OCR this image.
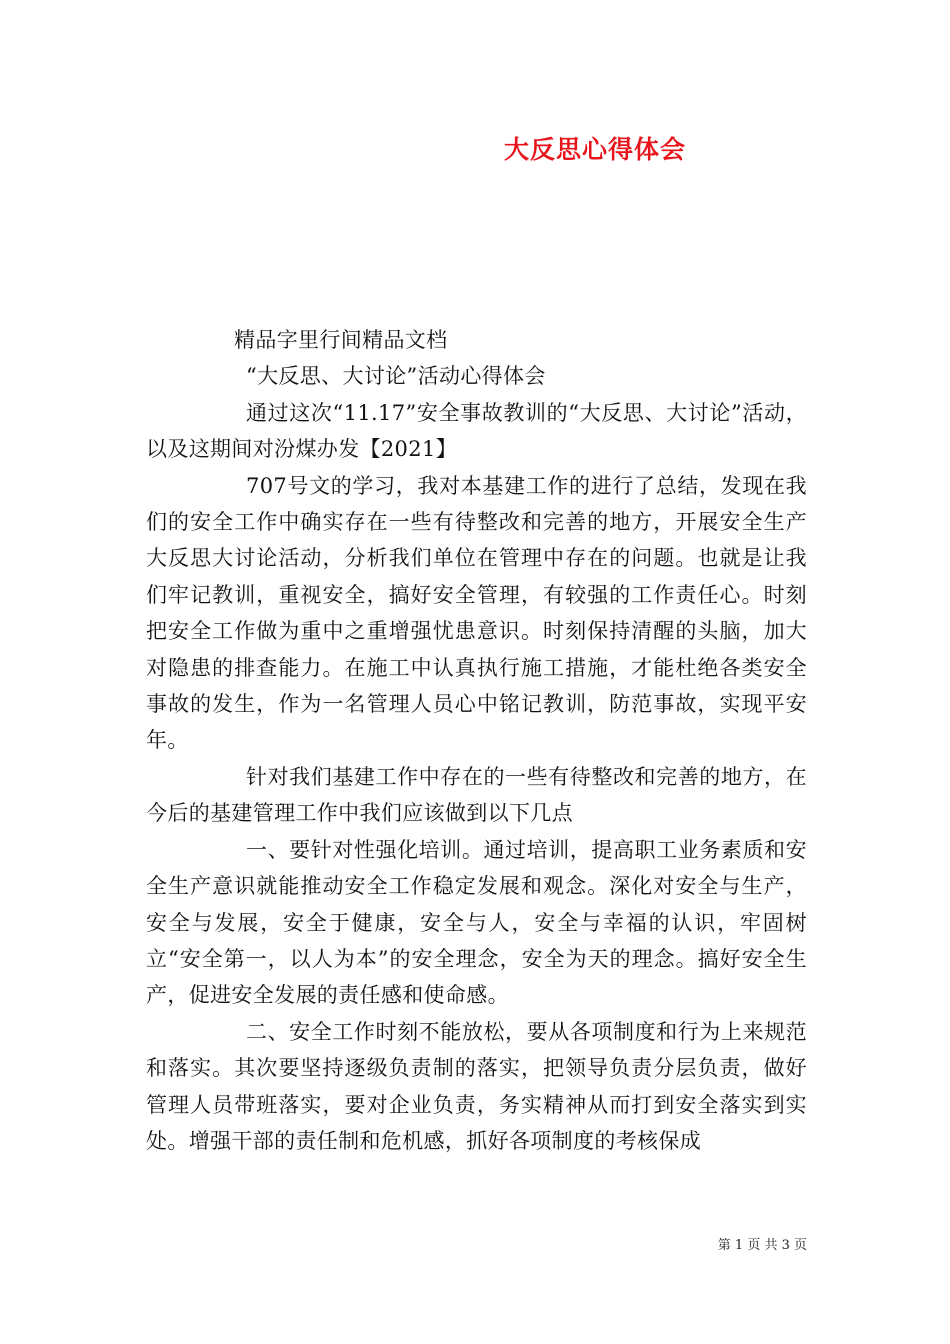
大反思心得体会

精品字里行间精品文档

“大反思、大讨论”活动心得体会

通过这次“11.17”安全事故教训的“大反思、大讨论”活动，以及这期间对汾煤办发【2021】

707号文的学习，我对本基建工作的进行了总结，发现在我们的安全工作中确实存在一些有待整改和完善的地方，开展安全生产大反思大讨论活动，分析我们单位在管理中存在的问题。也就是让我们牢记教训，重视安全，搞好安全管理，有较强的工作责任心。时刻把安全工作做为重中之重增强忧患意识。时刻保持清醒的头脑，加大对隐患的排查能力。在施工中认真执行施工措施，才能杜绝各类安全事故的发生，作为一名管理人员心中铭记教训，防范事故，实现平安年。

针对我们基建工作中存在的一些有待整改和完善的地方，在今后的基建管理工作中我们应该做到以下几点

一、要针对性强化培训。通过培训，提高职工业务素质和安全生产意识就能推动安全工作稳定发展和观念。深化对安全与生产，安全与发展，安全于健康，安全与人，安全与幸福的认识，牢固树立“安全第一，以人为本”的安全理念，安全为天的理念。搞好安全生产，促进安全发展的责任感和使命感。

二、安全工作时刻不能放松，要从各项制度和行为上来规范和落实。其次要坚持逐级负责制的落实，把领导负责分层负责，做好管理人员带班落实，要对企业负责，务实精神从而打到安全落实到实处。增强干部的责任制和危机感，抓好各项制度的考核保成

第 1 页 共 3 页
